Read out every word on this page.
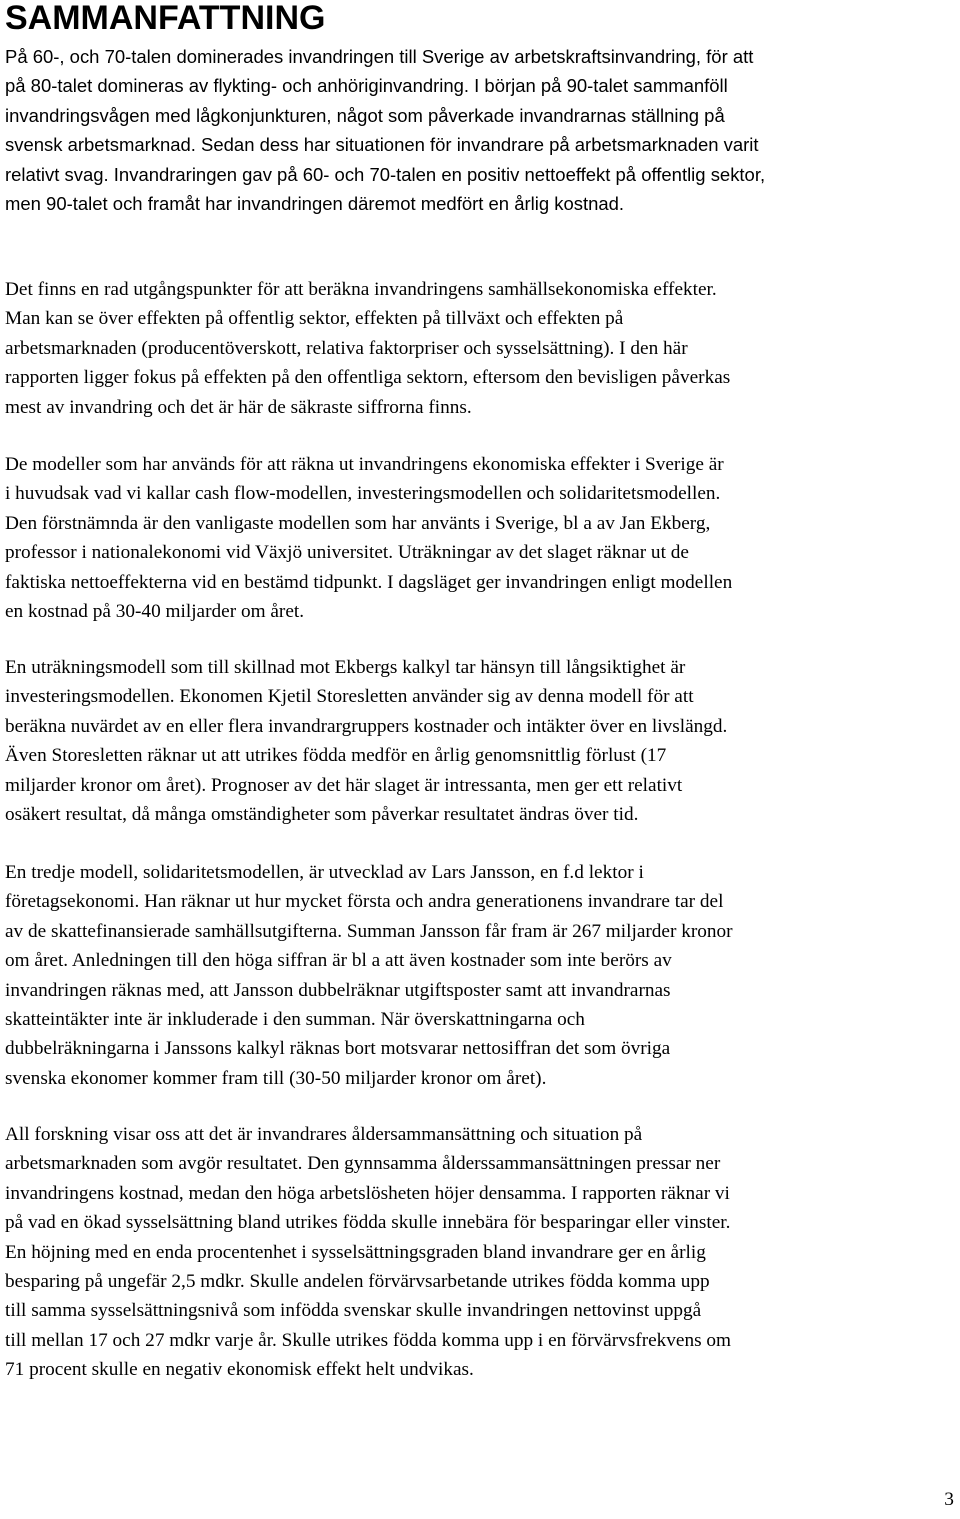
SAMMANFATTNING
På 60-, och 70-talen dominerades invandringen till Sverige av arbetskraftsinvandring, för att
på 80-talet domineras av flykting- och anhöriginvandring. I början på 90-talet sammanföll
invandringsvågen med lågkonjunkturen, något som påverkade invandrarnas ställning på
svensk arbetsmarknad. Sedan dess har situationen för invandrare på arbetsmarknaden varit
relativt svag. Invandraringen gav på 60- och 70-talen en positiv nettoeffekt på offentlig sektor,
men 90-talet och framåt har invandringen däremot medfört en årlig kostnad.
Det finns en rad utgångspunkter för att beräkna invandringens samhällsekonomiska effekter.
Man kan se över effekten på offentlig sektor, effekten på tillväxt och effekten på
arbetsmarknaden (producentöverskott, relativa faktorpriser och sysselsättning). I den här
rapporten ligger fokus på effekten på den offentliga sektorn, eftersom den bevisligen påverkas
mest av invandring och det är här de säkraste siffrorna finns.
De modeller som har används för att räkna ut invandringens ekonomiska effekter i Sverige är
i huvudsak vad vi kallar cash flow-modellen, investeringsmodellen och solidaritetsmodellen.
Den förstnämnda är den vanligaste modellen som har använts i Sverige, bl a av Jan Ekberg,
professor i nationalekonomi vid Växjö universitet. Uträkningar av det slaget räknar ut de
faktiska nettoeffekterna vid en bestämd tidpunkt. I dagsläget ger invandringen enligt modellen
en kostnad på 30-40 miljarder om året.
En uträkningsmodell som till skillnad mot Ekbergs kalkyl tar hänsyn till långsiktighet är
investeringsmodellen. Ekonomen Kjetil Storesletten använder sig av denna modell för att
beräkna nuvärdet av en eller flera invandrargruppers kostnader och intäkter över en livslängd.
Även Storesletten räknar ut att utrikes födda medför en årlig genomsnittlig förlust (17
miljarder kronor om året). Prognoser av det här slaget är intressanta, men ger ett relativt
osäkert resultat, då många omständigheter som påverkar resultatet ändras över tid.
En tredje modell, solidaritetsmodellen, är utvecklad av Lars Jansson, en f.d lektor i
företagsekonomi. Han räknar ut hur mycket första och andra generationens invandrare tar del
av de skattefinansierade samhällsutgifterna. Summan Jansson får fram är 267 miljarder kronor
om året. Anledningen till den höga siffran är bl a att även kostnader som inte berörs av
invandringen räknas med, att Jansson dubbelräknar utgiftsposter samt att invandrarnas
skatteintäkter inte är inkluderade i den summan. När överskattningarna och
dubbelräkningarna i Janssons kalkyl räknas bort motsvarar nettosiffran det som övriga
svenska ekonomer kommer fram till (30-50 miljarder kronor om året).
All forskning visar oss att det är invandrares åldersammansättning och situation på
arbetsmarknaden som avgör resultatet. Den gynnsamma ålderssammansättningen pressar ner
invandringens kostnad, medan den höga arbetslösheten höjer densamma. I rapporten räknar vi
på vad en ökad sysselsättning bland utrikes födda skulle innebära för besparingar eller vinster.
En höjning med en enda procentenhet i sysselsättningsgraden bland invandrare ger en årlig
besparing på ungefär 2,5 mdkr. Skulle andelen förvärvsarbetande utrikes födda komma upp
till samma sysselsättningsnivå som infödda svenskar skulle invandringen nettovinst uppgå
till mellan 17 och 27 mdkr varje år. Skulle utrikes födda komma upp i en förvärvsfrekvens om
71 procent skulle en negativ ekonomisk effekt helt undvikas.
3
